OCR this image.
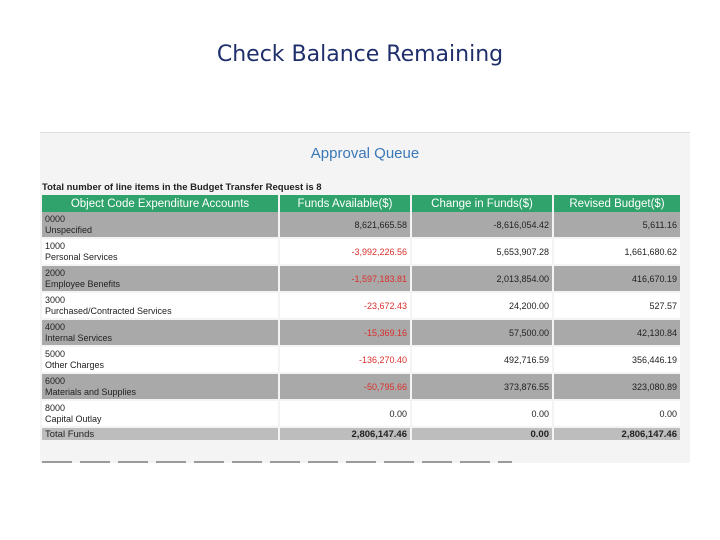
Check Balance Remaining
Approval Queue
Total number of line items in the Budget Transfer Request is 8
Object Code Expenditure Accounts	Funds Available($)	Change in Funds($)	Revised Budget($)

0000
Unspecified	8,621,665.58	-8,616,054.42	5,611.16

1000
Personal Services	-3,992,226.56	5,653,907.28	1,661,680.62

2000
Employee Benefits	-1,597,183.81	2,013,854.00	416,670.19

3000
Purchased/Contracted Services	-23,672.43	24,200.00	527.57

4000
Internal Services	-15,369.16	57,500.00	42,130.84

5000
Other Charges	-136,270.40	492,716.59	356,446.19

6000
Materials and Supplies	-50,795.66	373,876.55	323,080.89

8000
Capital Outlay	0.00	0.00	0.00
Total Funds	2,806,147.46	0.00	2,806,147.46
